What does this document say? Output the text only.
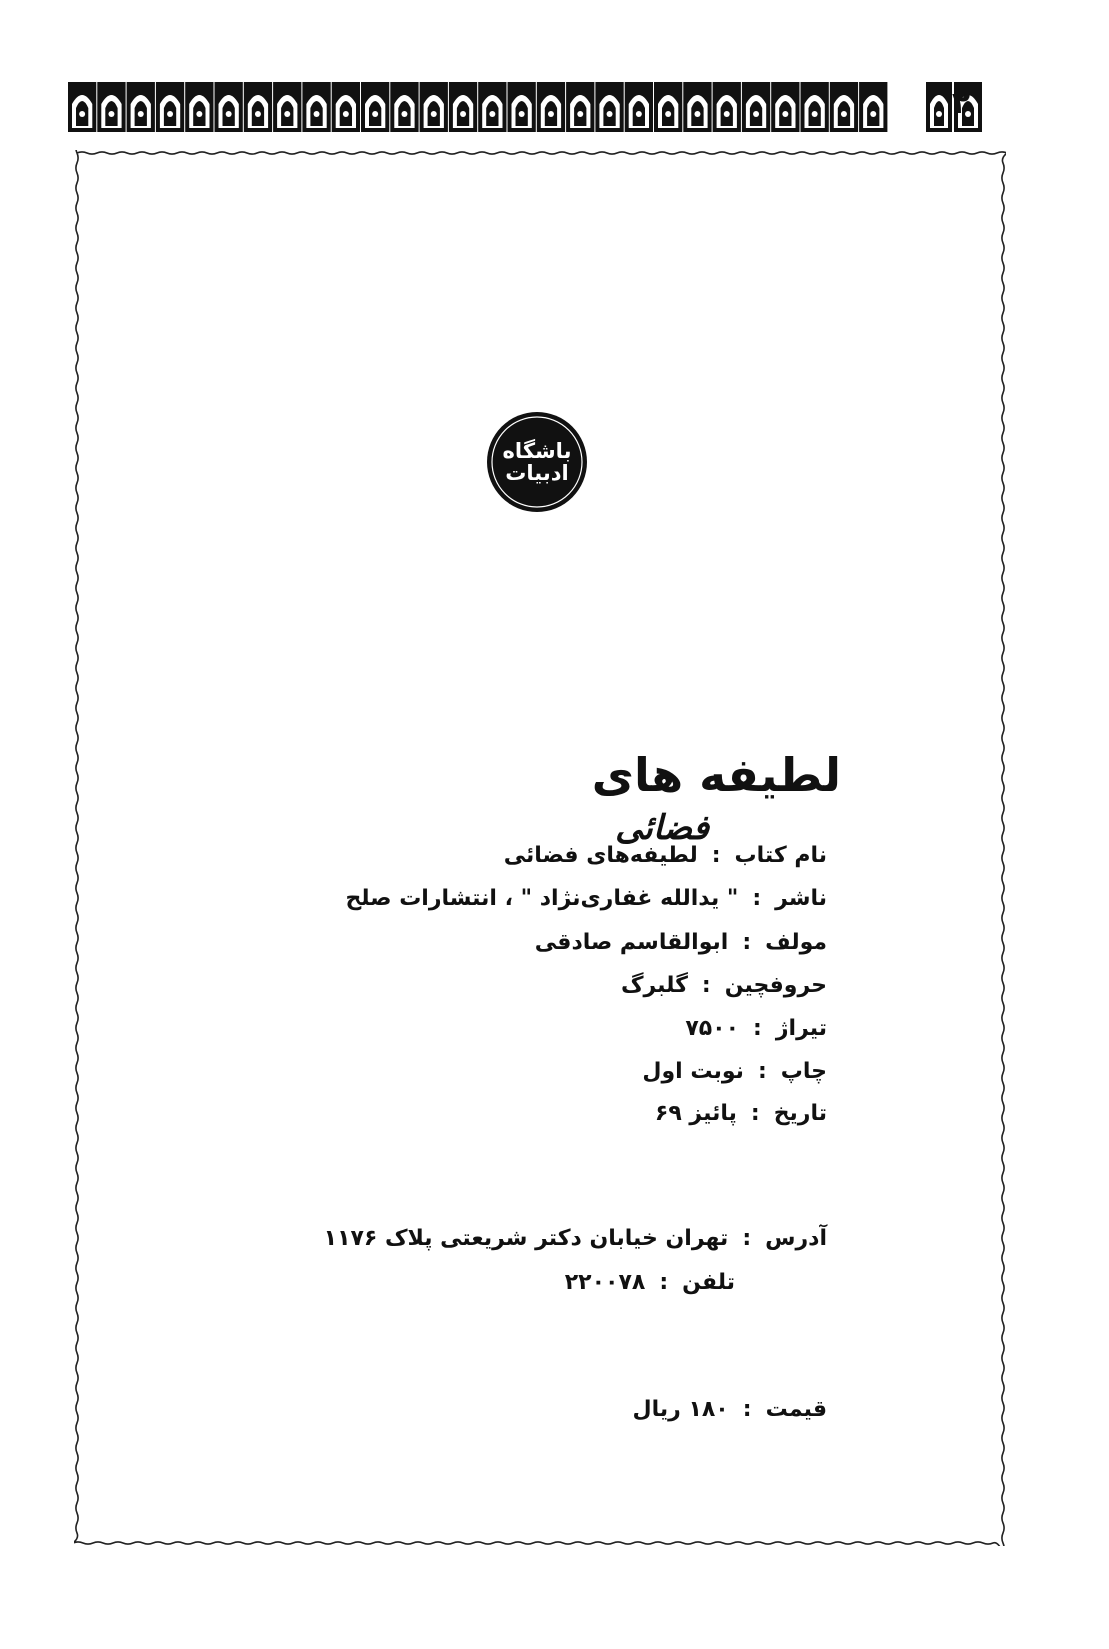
۲
باشگاه
ادبیات
لطیفه های
فضائی
نام کتاب:لطیفه‌های فضائی
ناشر:" یدالله غفاری‌نژاد " ، انتشارات صلح
مولف:ابوالقاسم صادقی
حروفچین:گلبرگ
تیراژ:۷۵۰۰
چاپ:نوبت اول
تاریخ:پائیز ۶۹
آدرس:تهران خیابان دکتر شریعتی پلاک ۱۱۷۶
تلفن:۲۲۰۰۷۸
قیمت:۱۸۰ ریال
